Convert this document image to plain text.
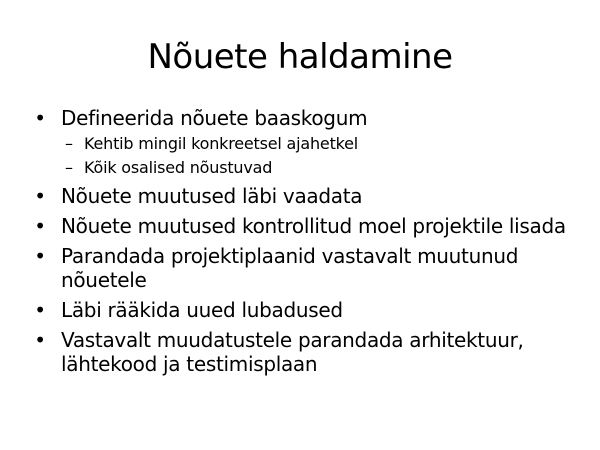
Nõuete haldamine
• Defineerida nõuete baaskogum
– Kehtib mingil konkreetsel ajahetkel
– Kõik osalised nõustuvad
• Nõuete muutused läbi vaadata
• Nõuete muutused kontrollitud moel projektile lisada
• Parandada projektiplaanid vastavalt muutunud
nõuetele
• Läbi rääkida uued lubadused
• Vastavalt muudatustele parandada arhitektuur,
lähtekood ja testimisplaan
